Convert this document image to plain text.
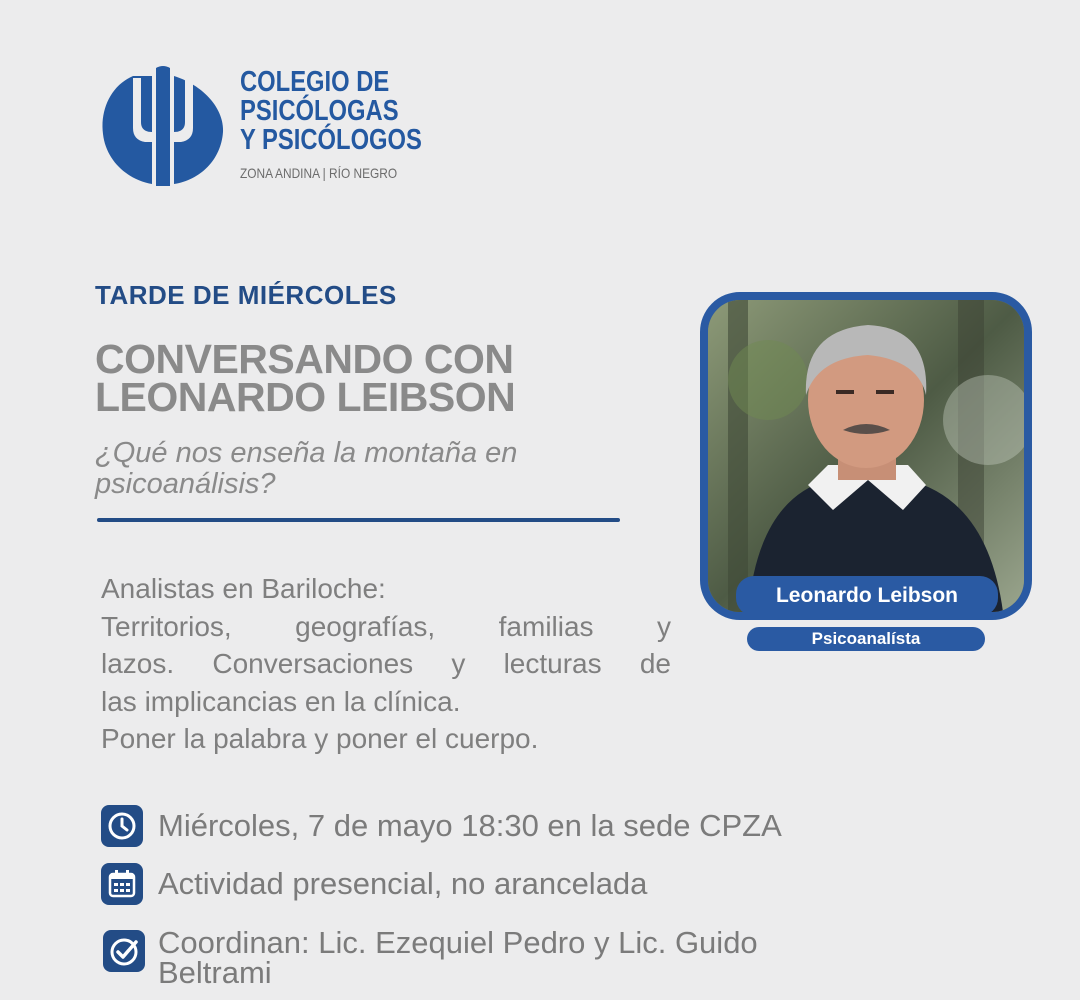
COLEGIO DE
PSICÓLOGAS
Y PSICÓLOGOS
ZONA ANDINA | RÍO NEGRO
TARDE DE MIÉRCOLES
CONVERSANDO CON
LEONARDO LEIBSON
¿Qué nos enseña la montaña en psicoanálisis?
Analistas en Bariloche:
Territorios, geografías, familias y
lazos. Conversaciones y lecturas de
las implicancias en la clínica.
Poner la palabra y poner el cuerpo.
Leonardo Leibson
Psicoanalísta
Miércoles, 7 de mayo 18:30 en la sede CPZA
Actividad presencial, no arancelada
Coordinan: Lic. Ezequiel Pedro y Lic. Guido Beltrami
